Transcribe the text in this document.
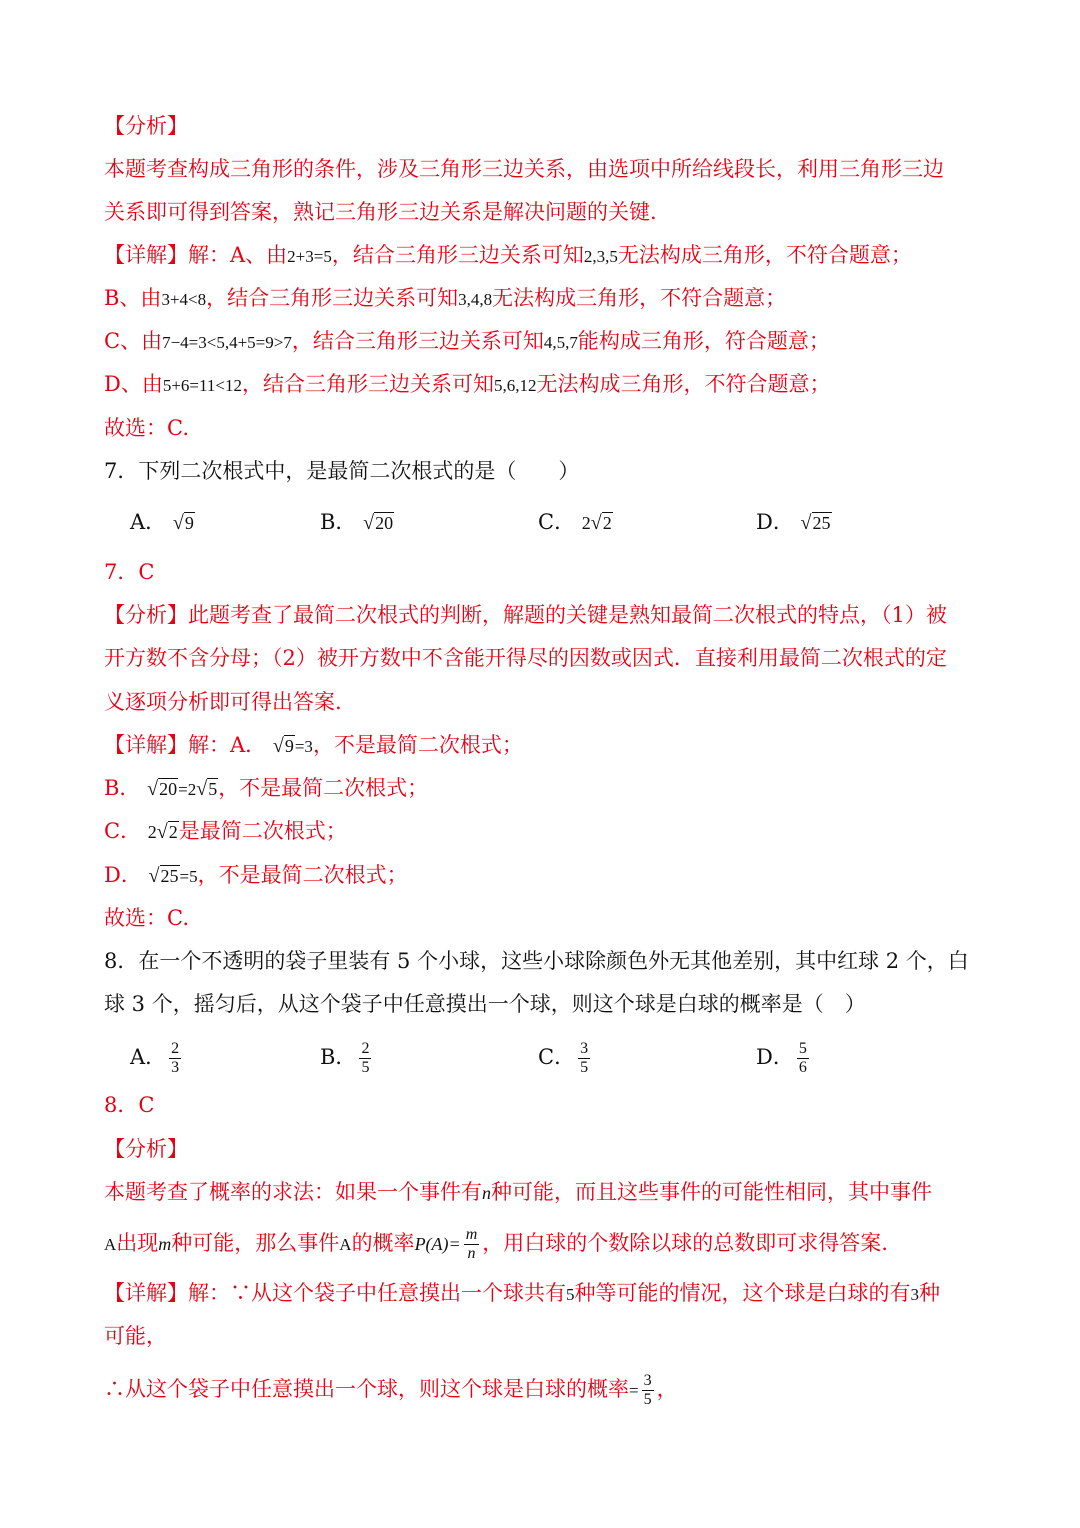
【分析】
本题考查构成三角形的条件，涉及三角形三边关系，由选项中所给线段长，利用三角形三边
关系即可得到答案，熟记三角形三边关系是解决问题的关键.
【详解】解：A、由2+3=5，结合三角形三边关系可知2,3,5无法构成三角形，不符合题意；
B、由3+4<8，结合三角形三边关系可知3,4,8无法构成三角形，不符合题意；
C、由7−4=3<5,4+5=9>7，结合三角形三边关系可知4,5,7能构成三角形，符合题意；
D、由5+6=11<12，结合三角形三边关系可知5,6,12无法构成三角形，不符合题意；
故选：C.
7．下列二次根式中，是最简二次根式的是（　　）
A． √9	B． √20	C． 2√2	D． √25
7．C
【分析】此题考查了最简二次根式的判断，解题的关键是熟知最简二次根式的特点，（1）被
开方数不含分母；（2）被开方数中不含能开得尽的因数或因式．直接利用最简二次根式的定
义逐项分析即可得出答案.
【详解】解：A． √9=3，不是最简二次根式；
B． √20=2√5，不是最简二次根式；
C． 2√2是最简二次根式；
D． √25=5，不是最简二次根式；
故选：C.
8．在一个不透明的袋子里装有 5 个小球，这些小球除颜色外无其他差别，其中红球 2 个，白
球 3 个，摇匀后，从这个袋子中任意摸出一个球，则这个球是白球的概率是（　）
A． $\frac{2}{3}$	B． $\frac{2}{5}$	C． $\frac{3}{5}$	D． $\frac{5}{6}$
8．C
【分析】
本题考查了概率的求法：如果一个事件有n种可能，而且这些事件的可能性相同，其中事件
A出现m种可能，那么事件A的概率$P(A)= \frac{m}{n}$ ，用白球的个数除以球的总数即可求得答案.
【详解】解：∵从这个袋子中任意摸出一个球共有5种等可能的情况，这个球是白球的有3种
可能，
∴从这个袋子中任意摸出一个球，则这个球是白球的概率= $\frac{3}{5}$ ，
